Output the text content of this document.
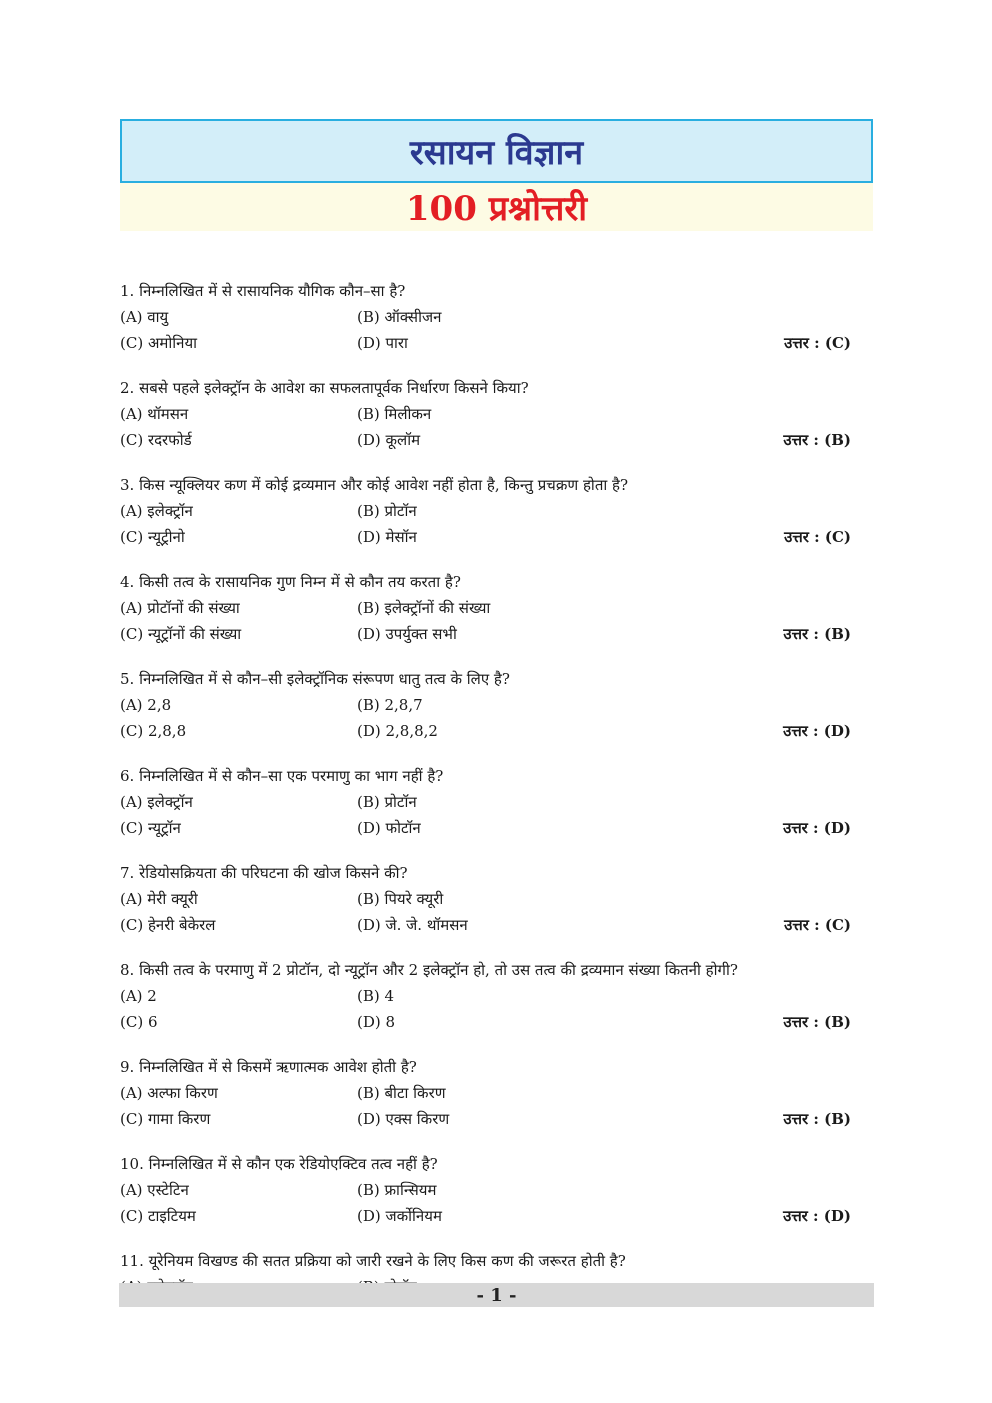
रसायन विज्ञान
100 प्रश्नोत्तरी
1. निम्नलिखित में से रासायनिक यौगिक कौन–सा है?
(A) वायु	(B) ऑक्सीजन
(C) अमोनिया	(D) पारा	उत्तर : (C)
2. सबसे पहले इलेक्ट्रॉन के आवेश का सफलतापूर्वक निर्धारण किसने किया?
(A) थॉमसन	(B) मिलीकन
(C) रदरफोर्ड	(D) कूलॉम	उत्तर : (B)
3. किस न्यूक्लियर कण में कोई द्रव्यमान और कोई आवेश नहीं होता है, किन्तु प्रचक्रण होता है?
(A) इलेक्ट्रॉन	(B) प्रोटॉन
(C) न्यूट्रीनो	(D) मेसॉन	उत्तर : (C)
4. किसी तत्व के रासायनिक गुण निम्न में से कौन तय करता है?
(A) प्रोटॉनों की संख्या	(B) इलेक्ट्रॉनों की संख्या
(C) न्यूट्रॉनों की संख्या	(D) उपर्युक्त सभी	उत्तर : (B)
5. निम्नलिखित में से कौन–सी इलेक्ट्रॉनिक संरूपण धातु तत्व के लिए है?
(A) 2,8	(B) 2,8,7
(C) 2,8,8	(D) 2,8,8,2	उत्तर : (D)
6. निम्नलिखित में से कौन–सा एक परमाणु का भाग नहीं है?
(A) इलेक्ट्रॉन	(B) प्रोटॉन
(C) न्यूट्रॉन	(D) फोटॉन	उत्तर : (D)
7. रेडियोसक्रियता की परिघटना की खोज किसने की?
(A) मेरी क्यूरी	(B) पियरे क्यूरी
(C) हेनरी बेकेरल	(D) जे. जे. थॉमसन	उत्तर : (C)
8. किसी तत्व के परमाणु में 2 प्रोटॉन, दो न्यूट्रॉन और 2 इलेक्ट्रॉन हो, तो उस तत्व की द्रव्यमान संख्या कितनी होगी?
(A) 2	(B) 4
(C) 6	(D) 8	उत्तर : (B)
9. निम्नलिखित में से किसमें ऋणात्मक आवेश होती है?
(A) अल्फा किरण	(B) बीटा किरण
(C) गामा किरण	(D) एक्स किरण	उत्तर : (B)
10. निम्नलिखित में से कौन एक रेडियोएक्टिव तत्व नहीं है?
(A) एस्टेटिन	(B) फ्रान्सियम
(C) टाइटियम	(D) जर्कोनियम	उत्तर : (D)
11. यूरेनियम विखण्ड की सतत प्रक्रिया को जारी रखने के लिए किस कण की जरूरत होती है?
- 1 -
